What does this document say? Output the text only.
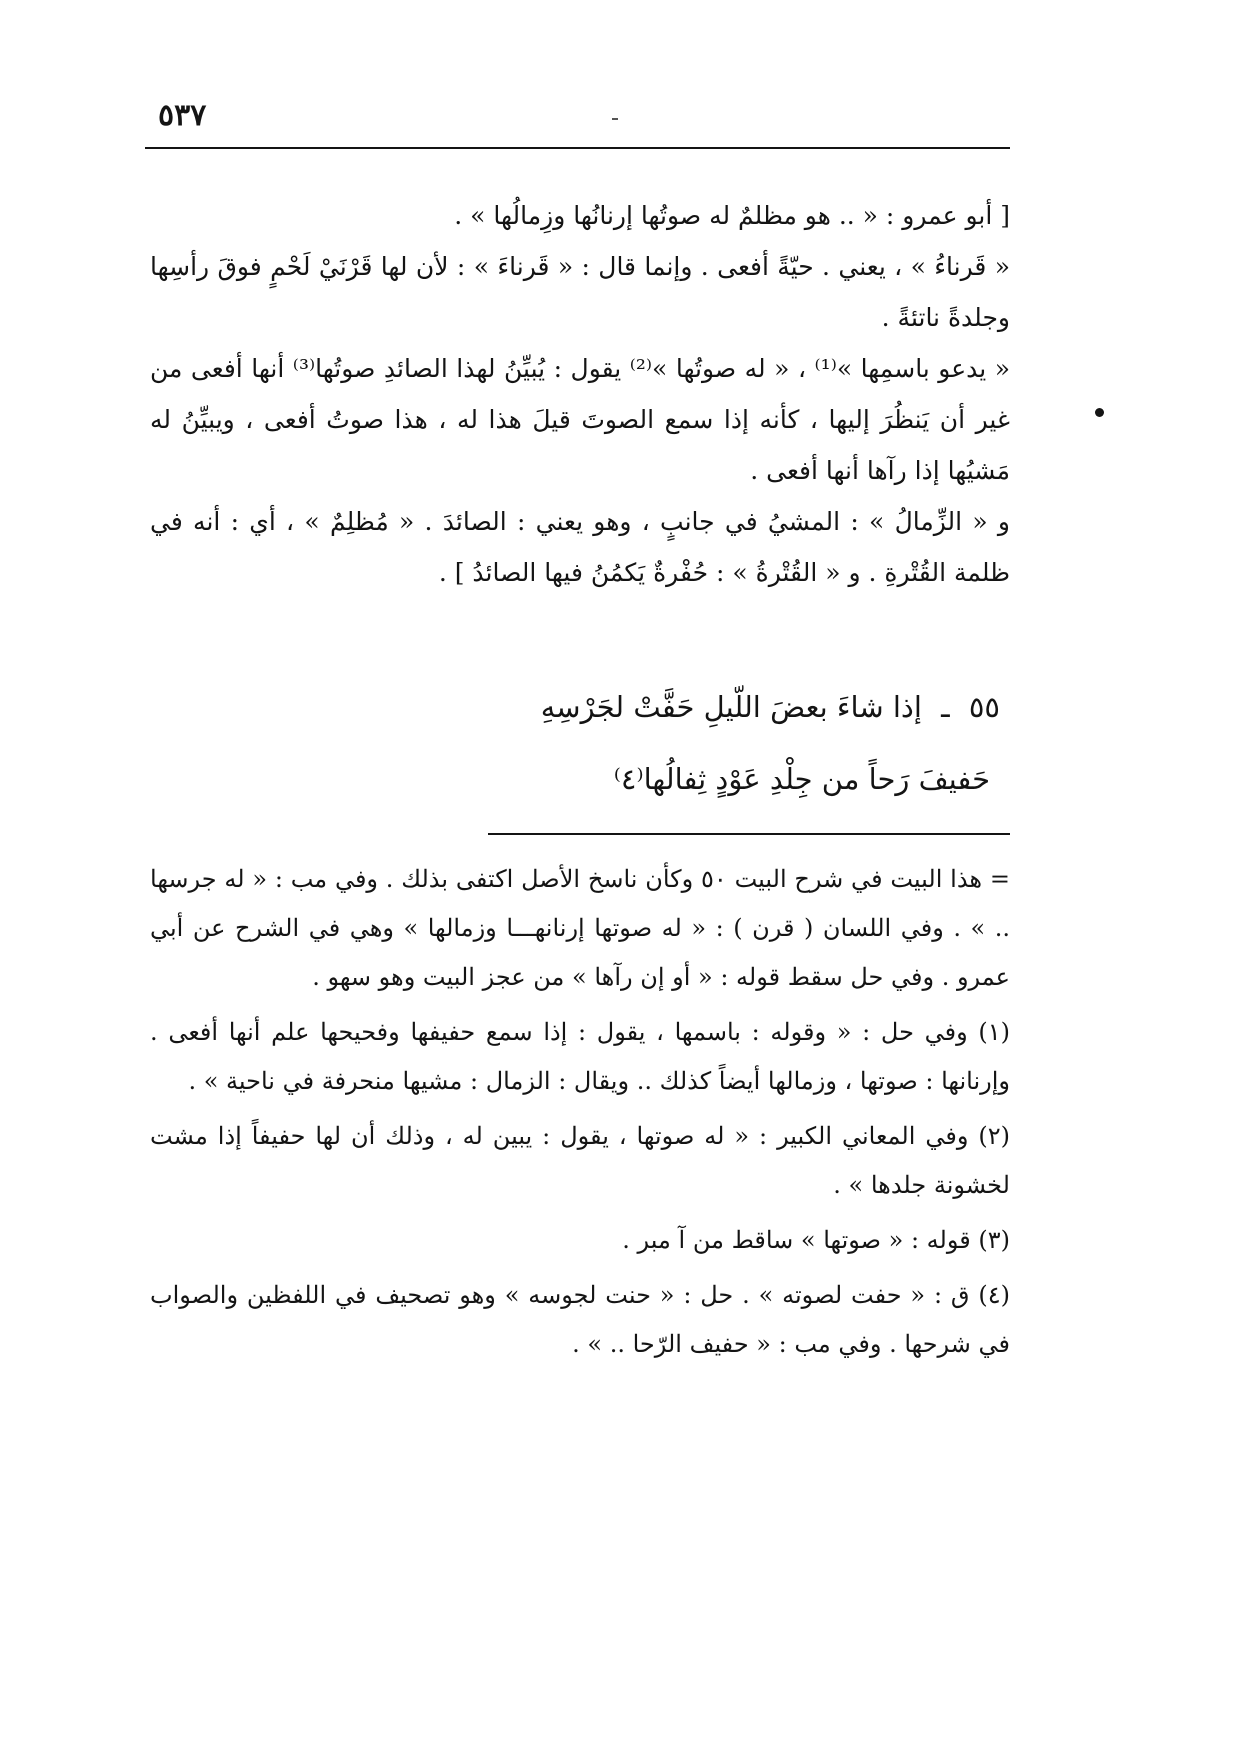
٥٣٧

[ أبو عمرو : « .. هو مظلمٌ له صوتُها إرنانُها وزِمالُها » .

« قَرناءُ » ، يعني . حيّةً أفعى . وإنما قال : « قَرناءَ » : لأن لها قَرْنَيْ لَحْمٍ فوقَ رأسِها وجلدةً ناتئةً .

« يدعو باسمِها »⁽¹⁾ ، « له صوتُها »⁽²⁾ يقول : يُبيِّنُ لهذا الصائدِ صوتُها⁽³⁾ أنها أفعى من غير أن يَنظُرَ إليها ، كأنه إذا سمع الصوتَ قيلَ هذا له ، هذا صوتُ أفعى ، ويبيِّنُ له مَشيُها إذا رآها أنها أفعى .

و « الزِّمالُ » : المشيُ في جانبٍ ، وهو يعني : الصائدَ . « مُظلِمٌ » ، أي : أنه في ظلمة القُتْرةِ . و « القُتْرةُ » : حُفْرةٌ يَكمُنُ فيها الصائدُ ] .

٥٥ ـ إذا شاءَ بعضَ اللّيلِ حَفَّتْ لجَرْسِهِ
حَفيفَ رَحاً من جِلْدِ عَوْدٍ ثِفالُها⁽٤⁾

= هذا البيت في شرح البيت ٥٠ وكأن ناسخ الأصل اكتفى بذلك . وفي مب : « له جرسها .. » . وفي اللسان ( قرن ) : « له صوتها إرنانهـــا وزمالها » وهي في الشرح عن أبي عمرو . وفي حل سقط قوله : « أو إن رآها » من عجز البيت وهو سهو .

(١) وفي حل : « وقوله : باسمها ، يقول : إذا سمع حفيفها وفحيحها علم أنها أفعى . وإرنانها : صوتها ، وزمالها أيضاً كذلك .. ويقال : الزمال : مشيها منحرفة في ناحية » .

(٢) وفي المعاني الكبير : « له صوتها ، يقول : يبين له ، وذلك أن لها حفيفاً إذا مشت لخشونة جلدها » .

(٣) قوله : « صوتها » ساقط من آ مبر .

(٤) ق : « حفت لصوته » . حل : « حنت لجوسه » وهو تصحيف في اللفظين والصواب في شرحها . وفي مب : « حفيف الرّحا .. » .
